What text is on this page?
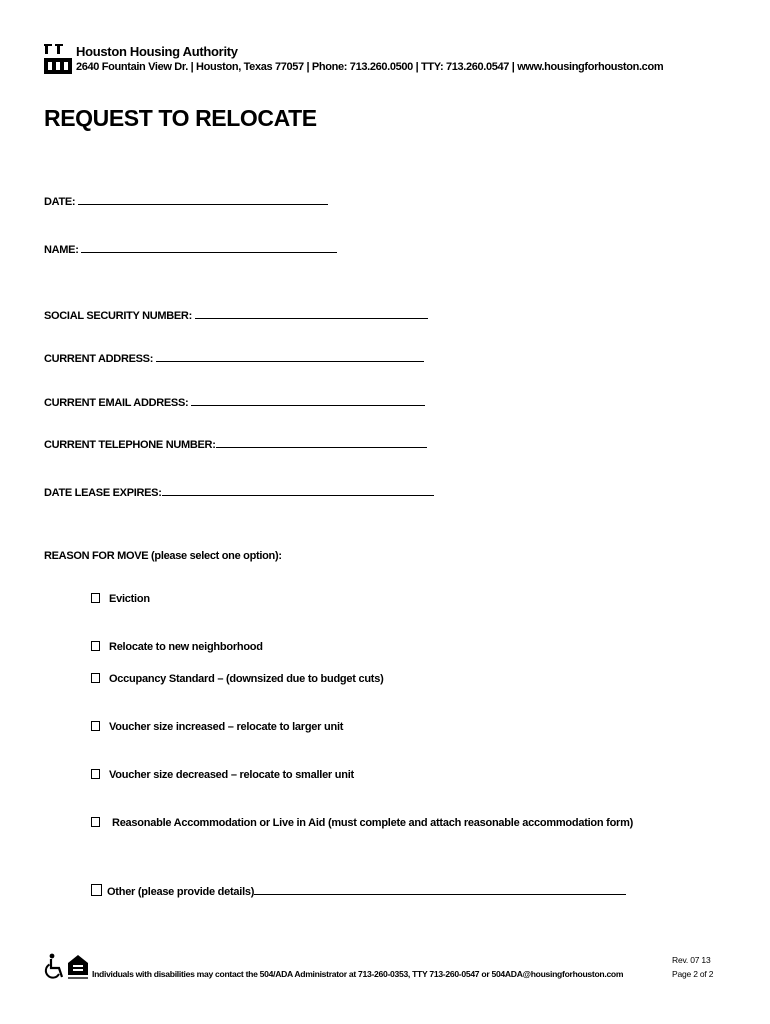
Houston Housing Authority
2640 Fountain View Dr. | Houston, Texas 77057 | Phone: 713.260.0500 | TTY: 713.260.0547 | www.housingforhouston.com
REQUEST TO RELOCATE
DATE:
NAME:
SOCIAL SECURITY NUMBER:
CURRENT ADDRESS:
CURRENT EMAIL ADDRESS:
CURRENT TELEPHONE NUMBER:
DATE LEASE EXPIRES:
REASON FOR MOVE (please select one option):
Eviction
Relocate to new neighborhood
Occupancy Standard – (downsized due to budget cuts)
Voucher size increased – relocate to larger unit
Voucher size decreased – relocate to smaller unit
Reasonable Accommodation or Live in Aid (must complete and attach reasonable accommodation form)
Other (please provide details)
Individuals with disabilities may contact the 504/ADA Administrator at 713-260-0353, TTY 713-260-0547 or 504ADA@housingforhouston.com
Rev. 07 13
Page 2 of 2
